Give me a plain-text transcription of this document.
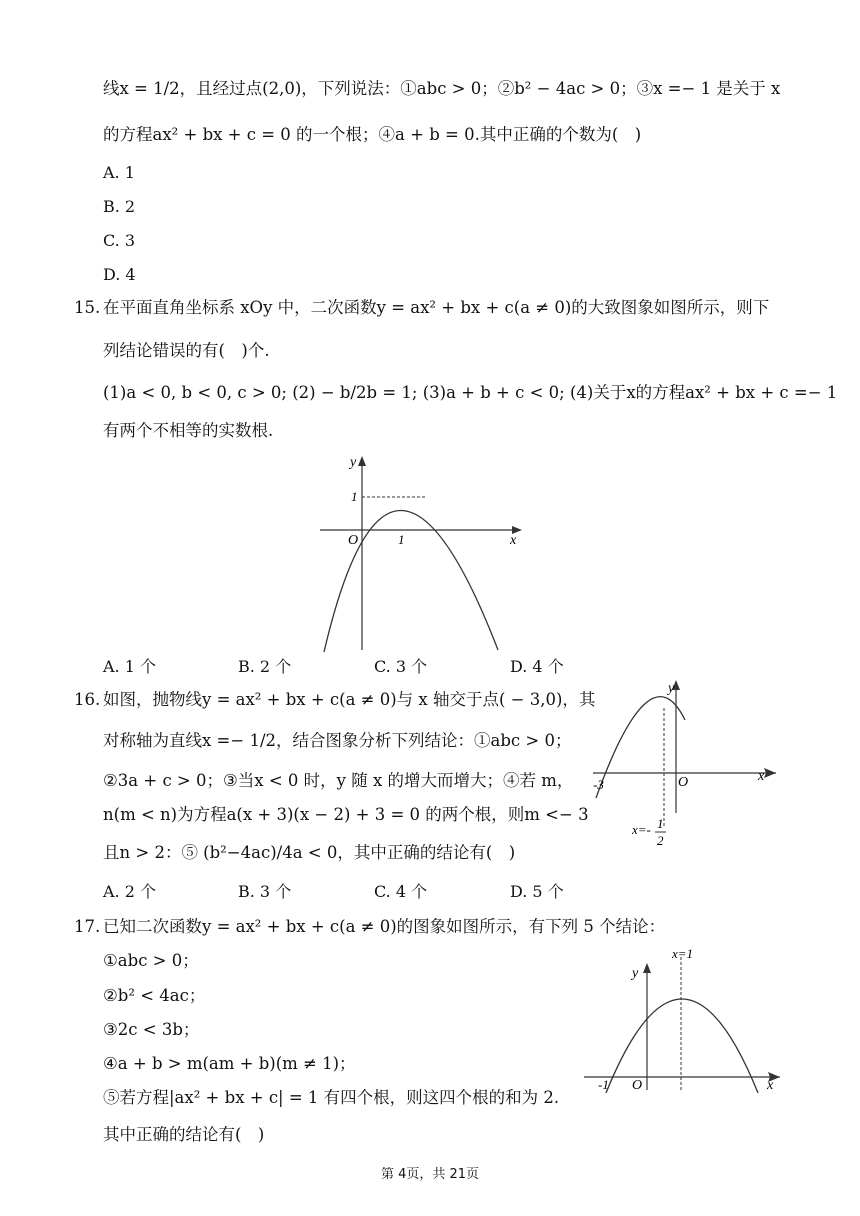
线x = 1/2，且经过点(2,0)，下列说法：①abc > 0；②b² − 4ac > 0；③x =− 1 是关于 x
的方程ax² + bx + c = 0 的一个根；④a + b = 0.其中正确的个数为(　)
A. 1
B. 2
C. 3
D. 4
15. 在平面直角坐标系 xOy 中，二次函数y = ax² + bx + c(a ≠ 0)的大致图象如图所示，则下
列结论错误的有(　)个.
(1)a < 0, b < 0, c > 0; (2) − b/2b = 1; (3)a + b + c < 0; (4)关于x的方程ax² + bx + c =− 1
有两个不相等的实数根.
y
x
O	1
1
A. 1 个	B. 2 个	C. 3 个	D. 4 个
16. 如图，抛物线y = ax² + bx + c(a ≠ 0)与 x 轴交于点( − 3,0)，其
对称轴为直线x =− 1/2，结合图象分析下列结论：①abc > 0；
②3a + c > 0；③当x < 0 时，y 随 x 的增大而增大；④若 m，
n(m < n)为方程a(x + 3)(x − 2) + 3 = 0 的两个根，则m <− 3
且n > 2：⑤ (b²−4ac)/4a < 0，其中正确的结论有(　)
y
x
O
-3
x=- 1
2
A. 2 个	B. 3 个	C. 4 个	D. 5 个
17. 已知二次函数y = ax² + bx + c(a ≠ 0)的图象如图所示，有下列 5 个结论：
①abc > 0；
②b² < 4ac；
③2c < 3b；
④a + b > m(am + b)(m ≠ 1)；
⑤若方程|ax² + bx + c| = 1 有四个根，则这四个根的和为 2.
其中正确的结论有(　)
y
x
O
-1
x=1
第 4页，共 21页
